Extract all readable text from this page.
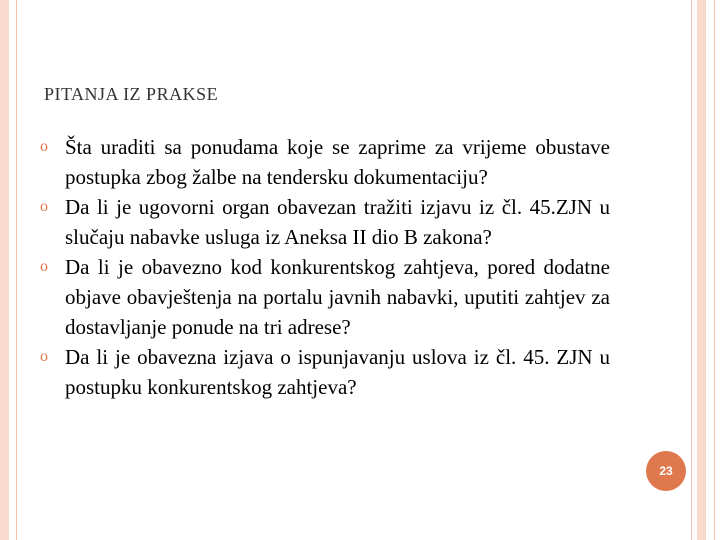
PITANJA IZ PRAKSE
o Šta uraditi sa ponudama koje se zaprime za vrijeme obustave postupka zbog žalbe na tendersku dokumentaciju?
o Da li je ugovorni organ obavezan tražiti izjavu iz čl. 45.ZJN u slučaju nabavke usluga iz Aneksa II dio B zakona?
o Da li je obavezno kod konkurentskog zahtjeva, pored dodatne objave obavještenja na portalu javnih nabavki, uputiti zahtjev za dostavljanje ponude na tri adrese?
o Da li je obavezna izjava o ispunjavanju uslova iz čl. 45. ZJN u postupku konkurentskog zahtjeva?
23
